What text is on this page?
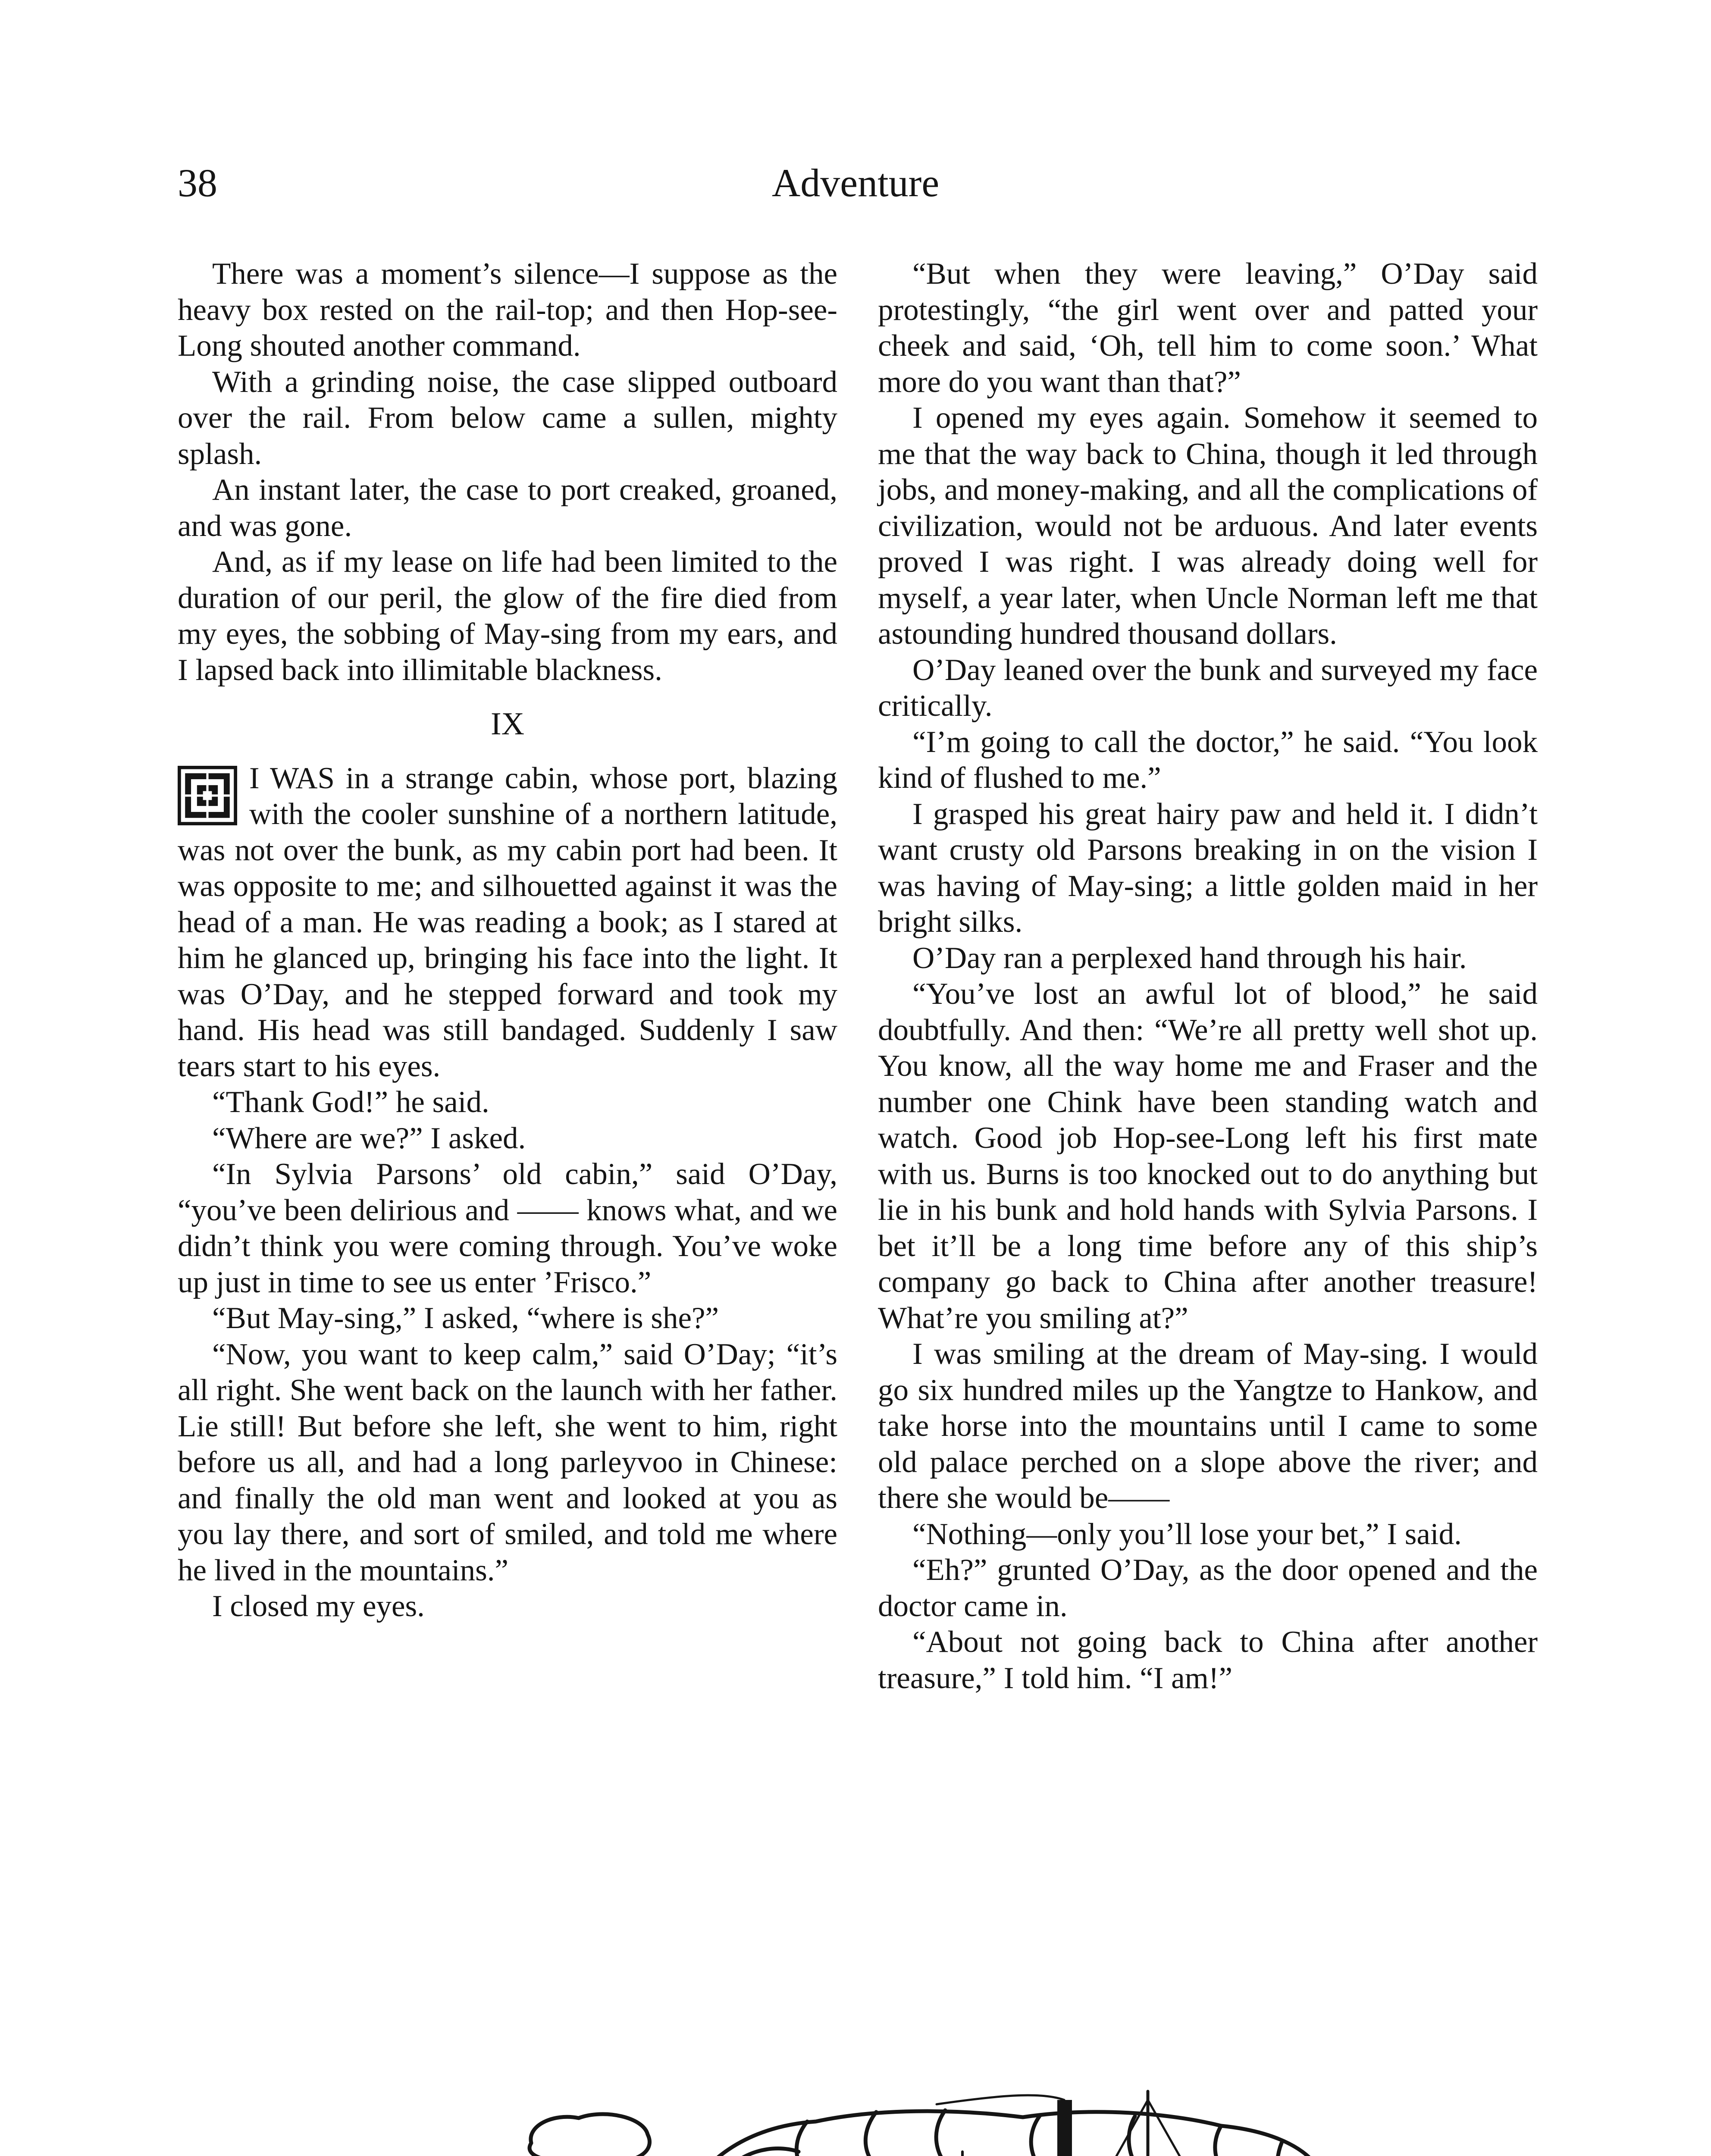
38	Adventure

There was a moment’s silence—I suppose as the heavy box rested on the rail-top; and then Hop-see-Long shouted another command.

With a grinding noise, the case slipped outboard over the rail. From below came a sullen, mighty splash.

An instant later, the case to port creaked, groaned, and was gone.

And, as if my lease on life had been limited to the duration of our peril, the glow of the fire died from my eyes, the sobbing of May-sing from my ears, and I lapsed back into illimitable blackness.

IX

I WAS in a strange cabin, whose port, blazing with the cooler sunshine of a northern latitude, was not over the bunk, as my cabin port had been. It was opposite to me; and silhouetted against it was the head of a man. He was reading a book; as I stared at him he glanced up, bringing his face into the light. It was O’Day, and he stepped forward and took my hand. His head was still bandaged. Suddenly I saw tears start to his eyes.

“Thank God!” he said.

“Where are we?” I asked.

“In Sylvia Parsons’ old cabin,” said O’Day, “you’ve been delirious and —— knows what, and we didn’t think you were coming through. You’ve woke up just in time to see us enter ’Frisco.”

“But May-sing,” I asked, “where is she?”

“Now, you want to keep calm,” said O’Day; “it’s all right. She went back on the launch with her father. Lie still! But before she left, she went to him, right before us all, and had a long parleyvoo in Chinese: and finally the old man went and looked at you as you lay there, and sort of smiled, and told me where he lived in the mountains.”

I closed my eyes.

“But when they were leaving,” O’Day said protestingly, “the girl went over and patted your cheek and said, ‘Oh, tell him to come soon.’ What more do you want than that?”

I opened my eyes again. Somehow it seemed to me that the way back to China, though it led through jobs, and money-making, and all the complications of civilization, would not be arduous. And later events proved I was right. I was already doing well for myself, a year later, when Uncle Norman left me that astounding hundred thousand dollars.

O’Day leaned over the bunk and surveyed my face critically.

“I’m going to call the doctor,” he said. “You look kind of flushed to me.”

I grasped his great hairy paw and held it. I didn’t want crusty old Parsons breaking in on the vision I was having of May-sing; a little golden maid in her bright silks.

O’Day ran a perplexed hand through his hair.

“You’ve lost an awful lot of blood,” he said doubtfully. And then: “We’re all pretty well shot up. You know, all the way home me and Fraser and the number one Chink have been standing watch and watch. Good job Hop-see-Long left his first mate with us. Burns is too knocked out to do anything but lie in his bunk and hold hands with Sylvia Parsons. I bet it’ll be a long time before any of this ship’s company go back to China after another treasure! What’re you smiling at?”

I was smiling at the dream of May-sing. I would go six hundred miles up the Yangtze to Hankow, and take horse into the mountains until I came to some old palace perched on a slope above the river; and there she would be——

“Nothing—only you’ll lose your bet,” I said.

“Eh?” grunted O’Day, as the door opened and the doctor came in.

“About not going back to China after another treasure,” I told him. “I am!”
